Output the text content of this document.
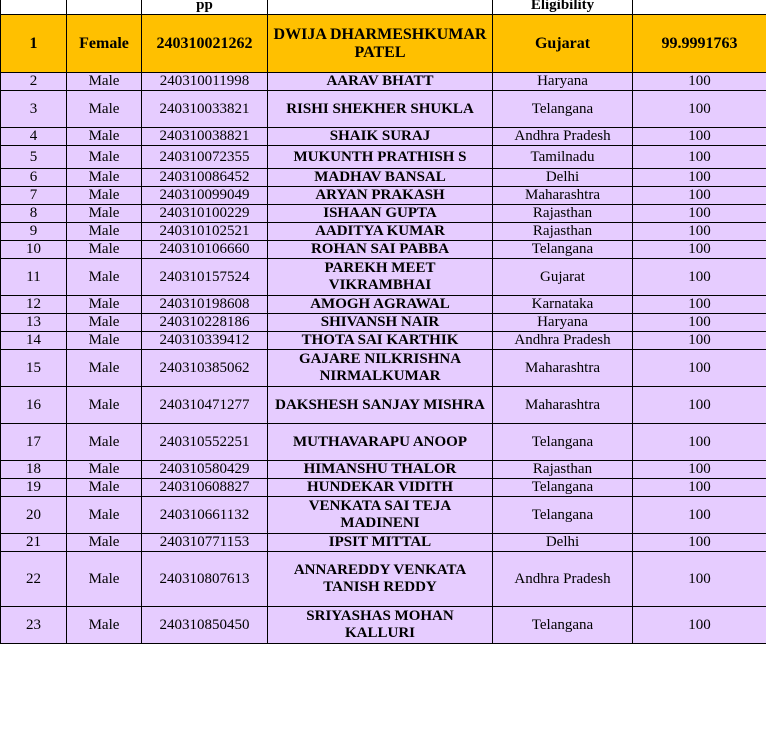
		pp		Eligibility	
1	Female	240310021262	DWIJA DHARMESHKUMAR PATEL	Gujarat	99.9991763
2	Male	240310011998	AARAV BHATT	Haryana	100
3	Male	240310033821	RISHI SHEKHER SHUKLA	Telangana	100
4	Male	240310038821	SHAIK SURAJ	Andhra Pradesh	100
5	Male	240310072355	MUKUNTH PRATHISH S	Tamilnadu	100
6	Male	240310086452	MADHAV BANSAL	Delhi	100
7	Male	240310099049	ARYAN PRAKASH	Maharashtra	100
8	Male	240310100229	ISHAAN GUPTA	Rajasthan	100
9	Male	240310102521	AADITYA KUMAR	Rajasthan	100
10	Male	240310106660	ROHAN SAI PABBA	Telangana	100
11	Male	240310157524	PAREKH MEET VIKRAMBHAI	Gujarat	100
12	Male	240310198608	AMOGH AGRAWAL	Karnataka	100
13	Male	240310228186	SHIVANSH NAIR	Haryana	100
14	Male	240310339412	THOTA SAI KARTHIK	Andhra Pradesh	100
15	Male	240310385062	GAJARE NILKRISHNA NIRMALKUMAR	Maharashtra	100
16	Male	240310471277	DAKSHESH SANJAY MISHRA	Maharashtra	100
17	Male	240310552251	MUTHAVARAPU ANOOP	Telangana	100
18	Male	240310580429	HIMANSHU THALOR	Rajasthan	100
19	Male	240310608827	HUNDEKAR VIDITH	Telangana	100
20	Male	240310661132	VENKATA SAI TEJA MADINENI	Telangana	100
21	Male	240310771153	IPSIT MITTAL	Delhi	100
22	Male	240310807613	ANNAREDDY VENKATA TANISH REDDY	Andhra Pradesh	100
23	Male	240310850450	SRIYASHAS MOHAN KALLURI	Telangana	100
